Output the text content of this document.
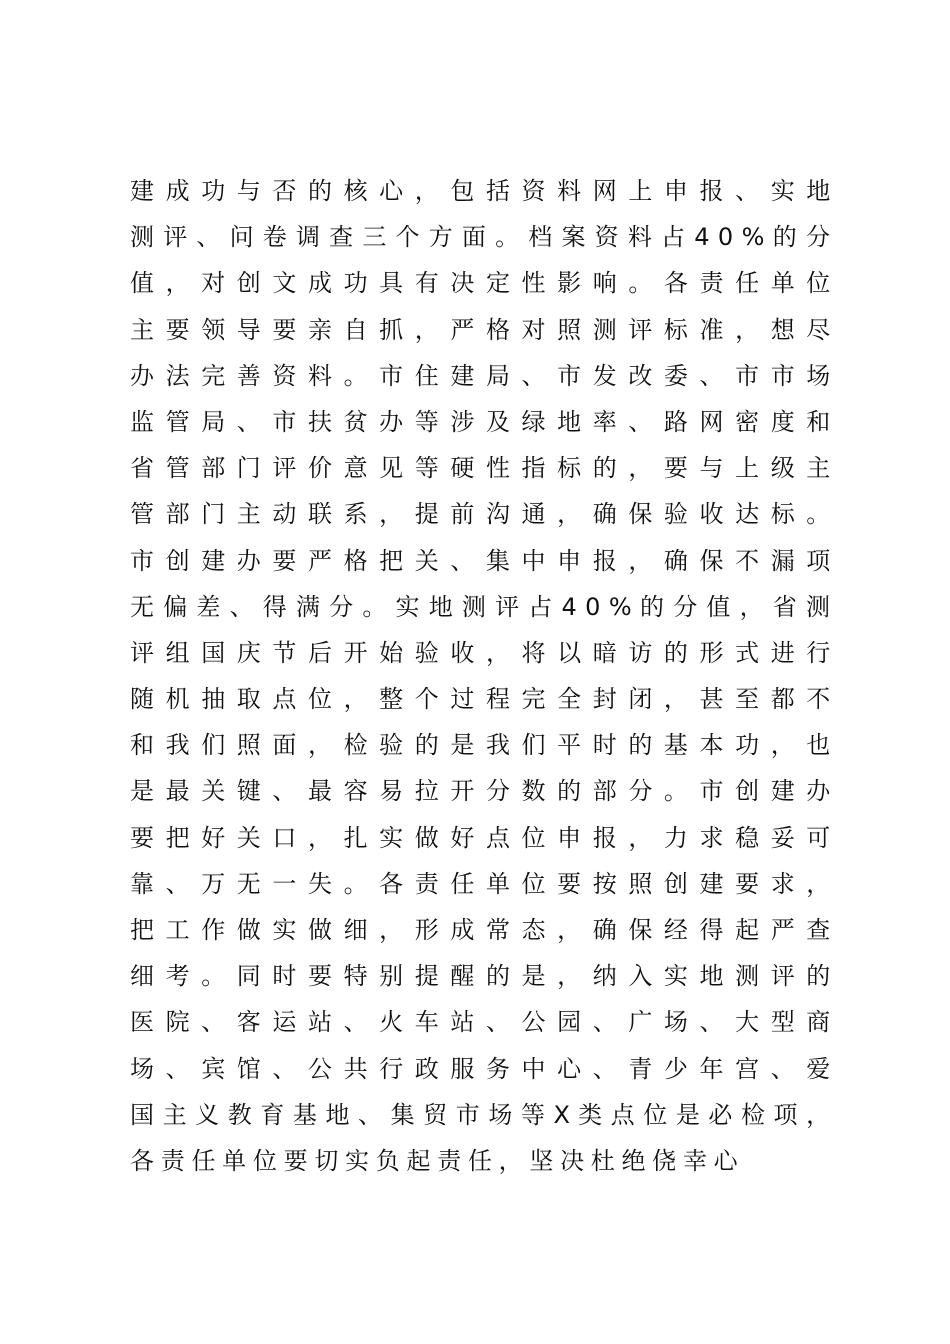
建 成 功 与 否 的 核 心 ， 包 括 资 料 网 上 申 报 、 实 地
测 评 、 问 卷 调 查 三 个 方 面 。 档 案 资 料 占 4 0 % 的 分
值 ， 对 创 文 成 功 具 有 决 定 性 影 响 。 各 责 任 单 位
主 要 领 导 要 亲 自 抓 ， 严 格 对 照 测 评 标 准 ， 想 尽
办 法 完 善 资 料 。 市 住 建 局 、 市 发 改 委 、 市 市 场
监 管 局 、 市 扶 贫 办 等 涉 及 绿 地 率 、 路 网 密 度 和
省 管 部 门 评 价 意 见 等 硬 性 指 标 的 ， 要 与 上 级 主
管 部 门 主 动 联 系 ， 提 前 沟 通 ， 确 保 验 收 达 标 。
市 创 建 办 要 严 格 把 关 、 集 中 申 报 ， 确 保 不 漏 项
无 偏 差 、 得 满 分 。 实 地 测 评 占 4 0 % 的 分 值 ， 省 测
评 组 国 庆 节 后 开 始 验 收 ， 将 以 暗 访 的 形 式 进 行
随 机 抽 取 点 位 ， 整 个 过 程 完 全 封 闭 ， 甚 至 都 不
和 我 们 照 面 ， 检 验 的 是 我 们 平 时 的 基 本 功 ， 也
是 最 关 键 、 最 容 易 拉 开 分 数 的 部 分 。 市 创 建 办
要 把 好 关 口 ， 扎 实 做 好 点 位 申 报 ， 力 求 稳 妥 可
靠 、 万 无 一 失 。 各 责 任 单 位 要 按 照 创 建 要 求 ，
把 工 作 做 实 做 细 ， 形 成 常 态 ， 确 保 经 得 起 严 查
细 考 。 同 时 要 特 别 提 醒 的 是 ， 纳 入 实 地 测 评 的
医 院 、 客 运 站 、 火 车 站 、 公 园 、 广 场 、 大 型 商
场 、 宾 馆 、 公 共 行 政 服 务 中 心 、 青 少 年 宫 、 爱
国 主 义 教 育 基 地 、 集 贸 市 场 等 X 类 点 位 是 必 检 项 ，
各责任单位要切实负起责任，坚决杜绝侥幸心
